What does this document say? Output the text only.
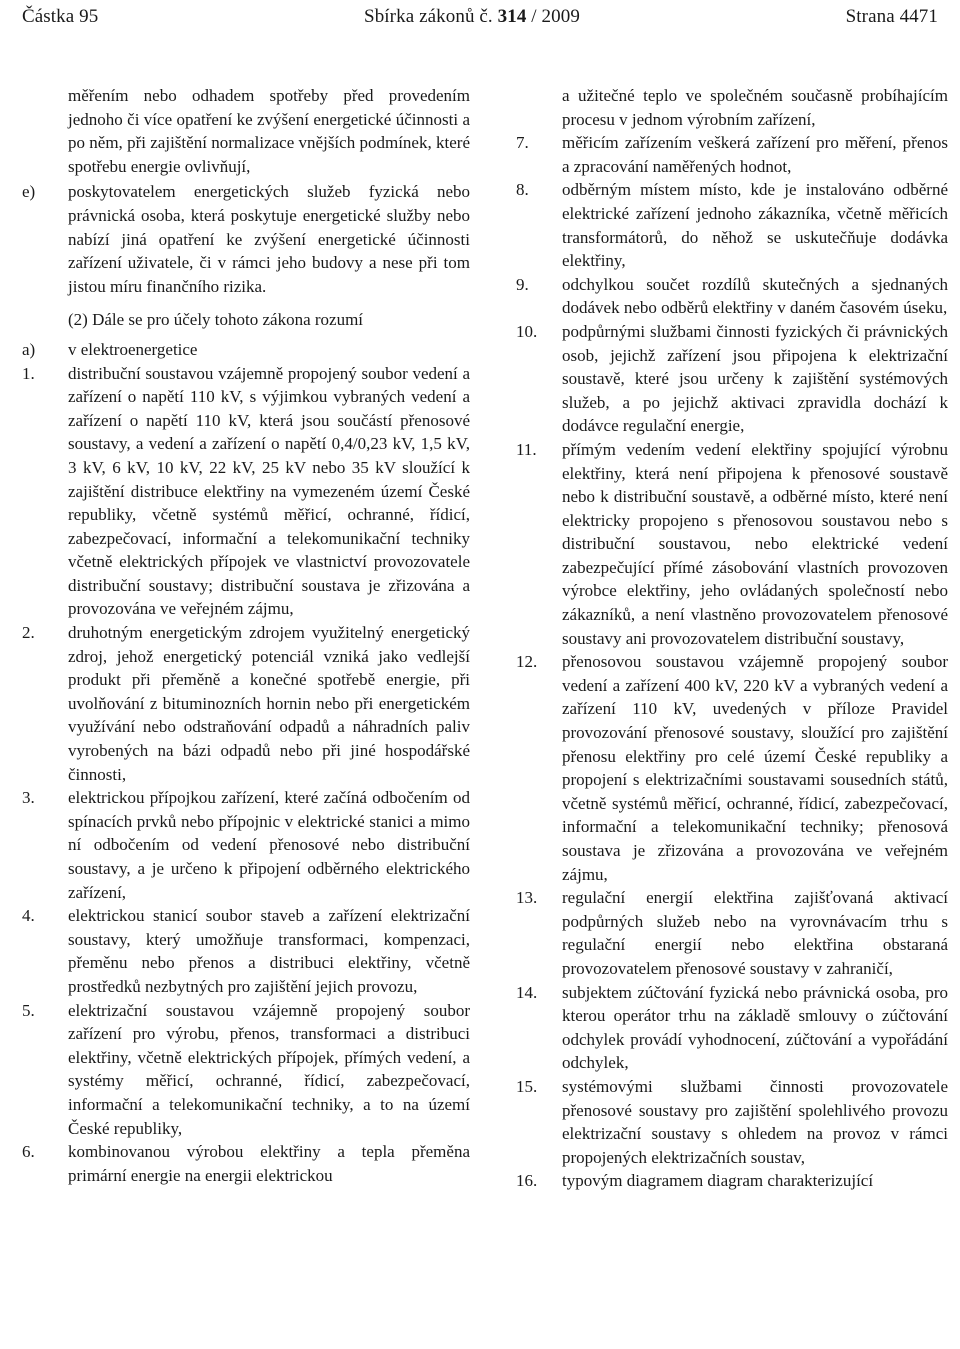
Částka 95	Sbírka zákonů č. 314 / 2009	Strana 4471
měřením nebo odhadem spotřeby před provedením jednoho či více opatření ke zvýšení energetické účinnosti a po něm, při zajištění normalizace vnějších podmínek, které spotřebu energie ovlivňují,
e) poskytovatelem energetických služeb fyzická nebo právnická osoba, která poskytuje energetické služby nebo nabízí jiná opatření ke zvýšení energetické účinnosti zařízení uživatele, či v rámci jeho budovy a nese při tom jistou míru finančního rizika.
(2) Dále se pro účely tohoto zákona rozumí
a) v elektroenergetice
1. distribuční soustavou vzájemně propojený soubor vedení a zařízení o napětí 110 kV, s výjimkou vybraných vedení a zařízení o napětí 110 kV, která jsou součástí přenosové soustavy, a vedení a zařízení o napětí 0,4/0,23 kV, 1,5 kV, 3 kV, 6 kV, 10 kV, 22 kV, 25 kV nebo 35 kV sloužící k zajištění distribuce elektřiny na vymezeném území České republiky, včetně systémů měřicí, ochranné, řídicí, zabezpečovací, informační a telekomunikační techniky včetně elektrických přípojek ve vlastnictví provozovatele distribuční soustavy; distribuční soustava je zřizována a provozována ve veřejném zájmu,
2. druhotným energetickým zdrojem využitelný energetický zdroj, jehož energetický potenciál vzniká jako vedlejší produkt při přeměně a konečné spotřebě energie, při uvolňování z bituminozních hornin nebo při energetickém využívání nebo odstraňování odpadů a náhradních paliv vyrobených na bázi odpadů nebo při jiné hospodářské činnosti,
3. elektrickou přípojkou zařízení, které začíná odbočením od spínacích prvků nebo přípojnic v elektrické stanici a mimo ní odbočením od vedení přenosové nebo distribuční soustavy, a je určeno k připojení odběrného elektrického zařízení,
4. elektrickou stanicí soubor staveb a zařízení elektrizační soustavy, který umožňuje transformaci, kompenzaci, přeměnu nebo přenos a distribuci elektřiny, včetně prostředků nezbytných pro zajištění jejich provozu,
5. elektrizační soustavou vzájemně propojený soubor zařízení pro výrobu, přenos, transformaci a distribuci elektřiny, včetně elektrických přípojek, přímých vedení, a systémy měřicí, ochranné, řídicí, zabezpečovací, informační a telekomunikační techniky, a to na území České republiky,
6. kombinovanou výrobou elektřiny a tepla přeměna primární energie na energii elektrickou
a užitečné teplo ve společném současně probíhajícím procesu v jednom výrobním zařízení,
7. měřicím zařízením veškerá zařízení pro měření, přenos a zpracování naměřených hodnot,
8. odběrným místem místo, kde je instalováno odběrné elektrické zařízení jednoho zákazníka, včetně měřicích transformátorů, do něhož se uskutečňuje dodávka elektřiny,
9. odchylkou součet rozdílů skutečných a sjednaných dodávek nebo odběrů elektřiny v daném časovém úseku,
10. podpůrnými službami činnosti fyzických či právnických osob, jejichž zařízení jsou připojena k elektrizační soustavě, které jsou určeny k zajištění systémových služeb, a po jejichž aktivaci zpravidla dochází k dodávce regulační energie,
11. přímým vedením vedení elektřiny spojující výrobnu elektřiny, která není připojena k přenosové soustavě nebo k distribuční soustavě, a odběrné místo, které není elektricky propojeno s přenosovou soustavou nebo s distribuční soustavou, nebo elektrické vedení zabezpečující přímé zásobování vlastních provozoven výrobce elektřiny, jeho ovládaných společností nebo zákazníků, a není vlastněno provozovatelem přenosové soustavy ani provozovatelem distribuční soustavy,
12. přenosovou soustavou vzájemně propojený soubor vedení a zařízení 400 kV, 220 kV a vybraných vedení a zařízení 110 kV, uvedených v příloze Pravidel provozování přenosové soustavy, sloužící pro zajištění přenosu elektřiny pro celé území České republiky a propojení s elektrizačními soustavami sousedních států, včetně systémů měřicí, ochranné, řídicí, zabezpečovací, informační a telekomunikační techniky; přenosová soustava je zřizována a provozována ve veřejném zájmu,
13. regulační energií elektřina zajišťovaná aktivací podpůrných služeb nebo na vyrovnávacím trhu s regulační energií nebo elektřina obstaraná provozovatelem přenosové soustavy v zahraničí,
14. subjektem zúčtování fyzická nebo právnická osoba, pro kterou operátor trhu na základě smlouvy o zúčtování odchylek provádí vyhodnocení, zúčtování a vypořádání odchylek,
15. systémovými službami činnosti provozovatele přenosové soustavy pro zajištění spolehlivého provozu elektrizační soustavy s ohledem na provoz v rámci propojených elektrizačních soustav,
16. typovým diagramem diagram charakterizující
